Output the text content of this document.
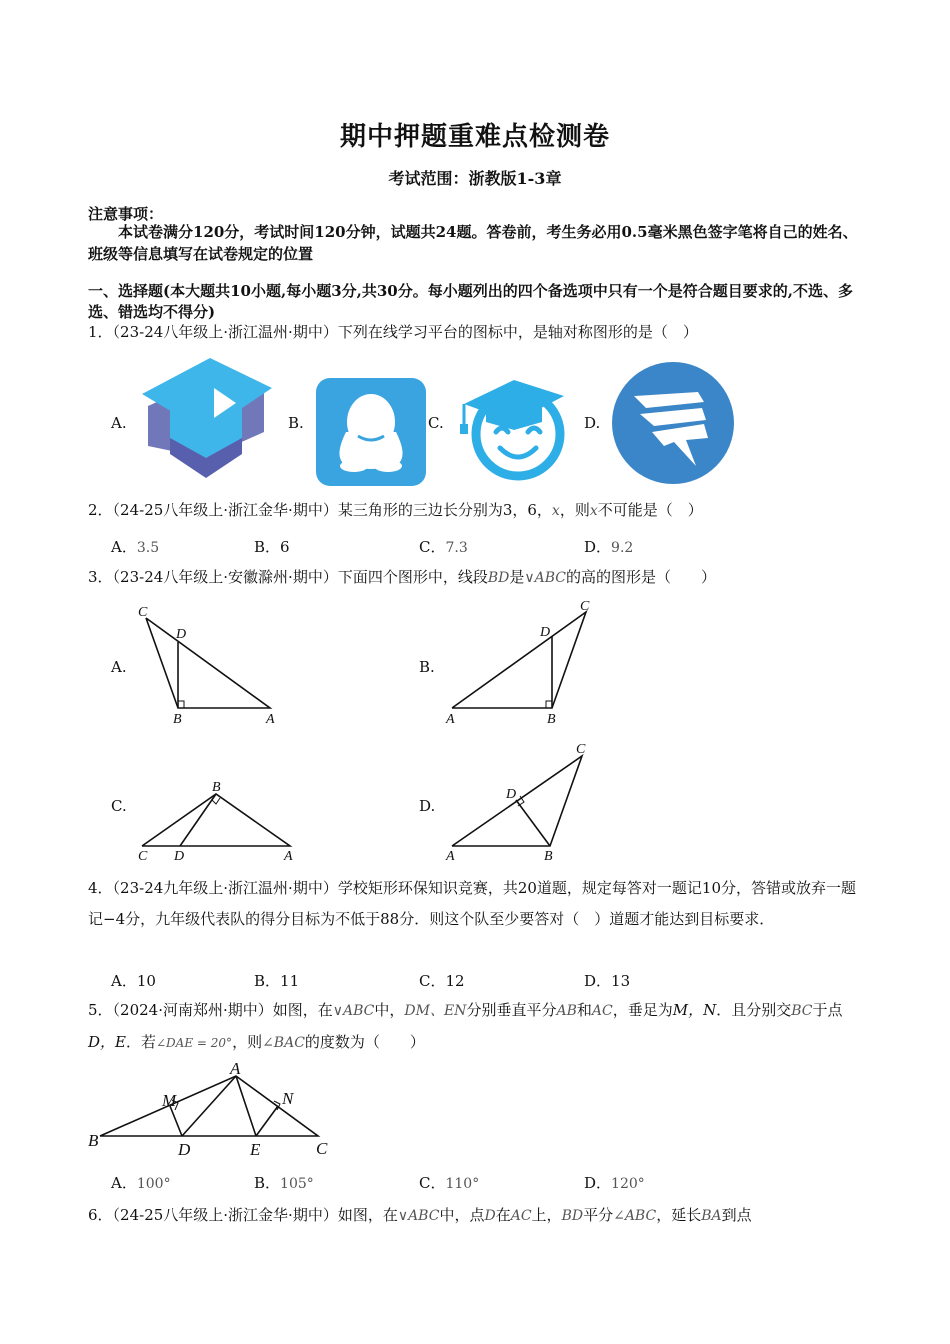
期中押题重难点检测卷
考试范围：浙教版1-3章
注意事项：
本试卷满分120分，考试时间120分钟，试题共24题。答卷前，考生务必用0.5毫米黑色签字笔将自己的姓名、班级等信息填写在试卷规定的位置
一、选择题(本大题共10小题,每小题3分,共30分。每小题列出的四个备选项中只有一个是符合题目要求的,不选、多选、错选均不得分)
1．（23-24八年级上·浙江温州·期中）下列在线学习平台的图标中，是轴对称图形的是（　）
A.	B.	C.	D.
2．（24-25八年级上·浙江金华·期中）某三角形的三边长分别为3，6，x，则x不可能是（　）
A．3.5	B．6	C．7.3	D．9.2
3．（23-24八年级上·安徽滁州·期中）下面四个图形中，线段BD是∨ABC的高的图形是（　　）
A.	B.
C.	D.
C
D
B	A
C
D
A	B
B
C D	A
C
D
A	B
4．（23-24九年级上·浙江温州·期中）学校矩形环保知识竞赛，共20道题，规定每答对一题记10分，答错或放弃一题记−4分，九年级代表队的得分目标为不低于88分．则这个队至少要答对（　）道题才能达到目标要求．
A．10	B．11	C．12	D．13
5．（2024·河南郑州·期中）如图，在∨ABC中，DM、EN分别垂直平分AB和AC，垂足为M，N．且分别交BC于点D，E．若∠DAE = 20°，则∠BAC的度数为（　　）
A
B	C
D	E
M	N
A．100°	B．105°	C．110°	D．120°
6．（24-25八年级上·浙江金华·期中）如图，在∨ABC中，点D在AC上，BD平分∠ABC，延长BA到点
